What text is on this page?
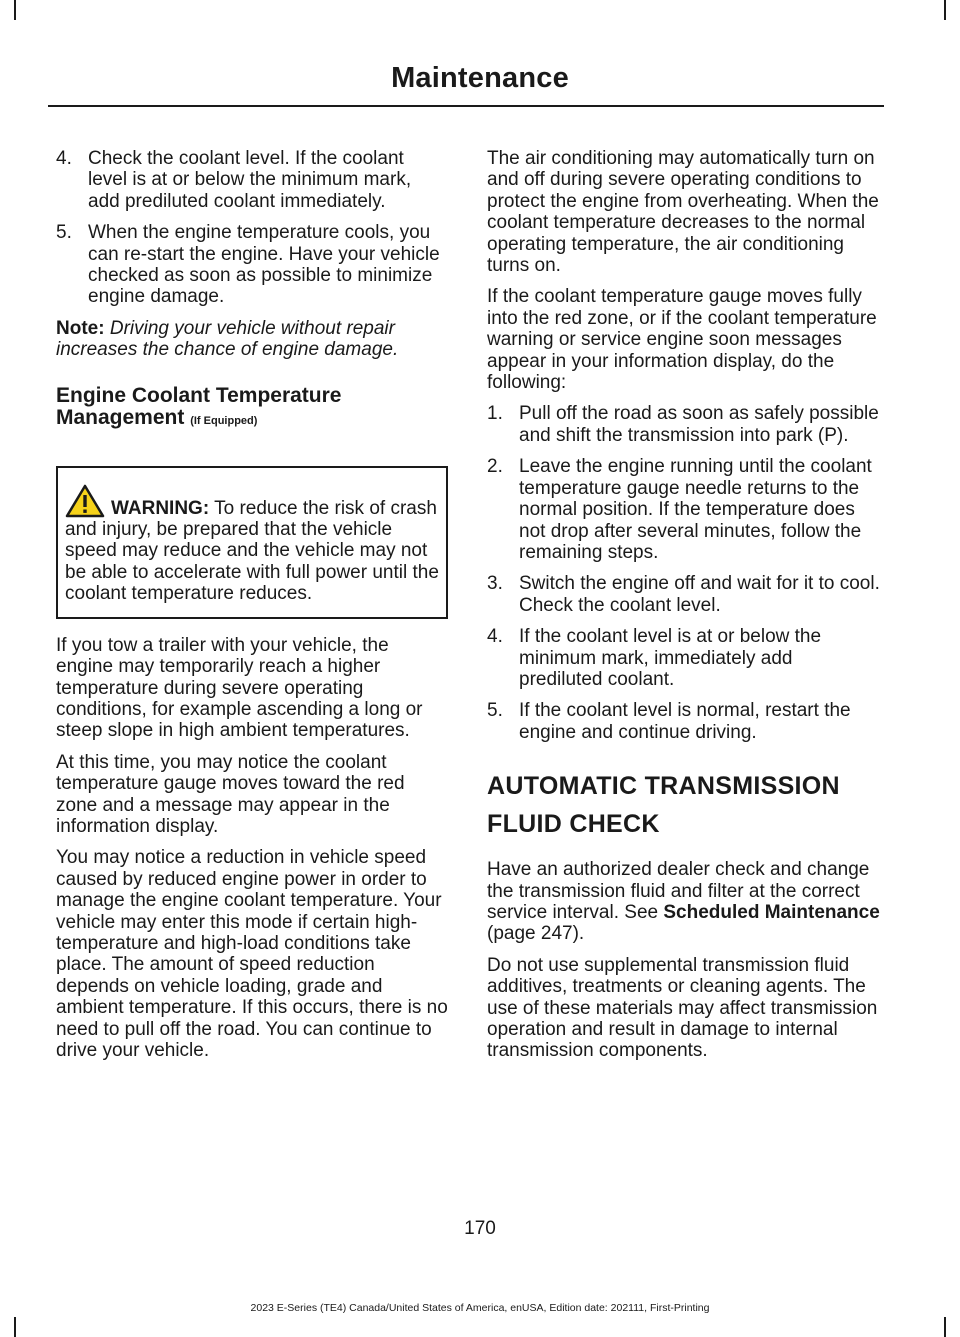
Maintenance
4. Check the coolant level. If the coolant level is at or below the minimum mark, add prediluted coolant immediately.
5. When the engine temperature cools, you can re-start the engine. Have your vehicle checked as soon as possible to minimize engine damage.

Note: Driving your vehicle without repair increases the chance of engine damage.

Engine Coolant Temperature Management (If Equipped)
WARNING: To reduce the risk of crash and injury, be prepared that the vehicle speed may reduce and the vehicle may not be able to accelerate with full power until the coolant temperature reduces.

If you tow a trailer with your vehicle, the engine may temporarily reach a higher temperature during severe operating conditions, for example ascending a long or steep slope in high ambient temperatures.

At this time, you may notice the coolant temperature gauge moves toward the red zone and a message may appear in the information display.

You may notice a reduction in vehicle speed caused by reduced engine power in order to manage the engine coolant temperature. Your vehicle may enter this mode if certain high-temperature and high-load conditions take place. The amount of speed reduction depends on vehicle loading, grade and ambient temperature. If this occurs, there is no need to pull off the road. You can continue to drive your vehicle.

The air conditioning may automatically turn on and off during severe operating conditions to protect the engine from overheating. When the coolant temperature decreases to the normal operating temperature, the air conditioning turns on.

If the coolant temperature gauge moves fully into the red zone, or if the coolant temperature warning or service engine soon messages appear in your information display, do the following:

1. Pull off the road as soon as safely possible and shift the transmission into park (P).
2. Leave the engine running until the coolant temperature gauge needle returns to the normal position. If the temperature does not drop after several minutes, follow the remaining steps.
3. Switch the engine off and wait for it to cool. Check the coolant level.
4. If the coolant level is at or below the minimum mark, immediately add prediluted coolant.
5. If the coolant level is normal, restart the engine and continue driving.
AUTOMATIC TRANSMISSION
FLUID CHECK

Have an authorized dealer check and change the transmission fluid and filter at the correct service interval. See Scheduled Maintenance (page 247).

Do not use supplemental transmission fluid additives, treatments or cleaning agents. The use of these materials may affect transmission operation and result in damage to internal transmission components.

170
2023 E-Series (TE4) Canada/United States of America, enUSA, Edition date: 202111, First-Printing
